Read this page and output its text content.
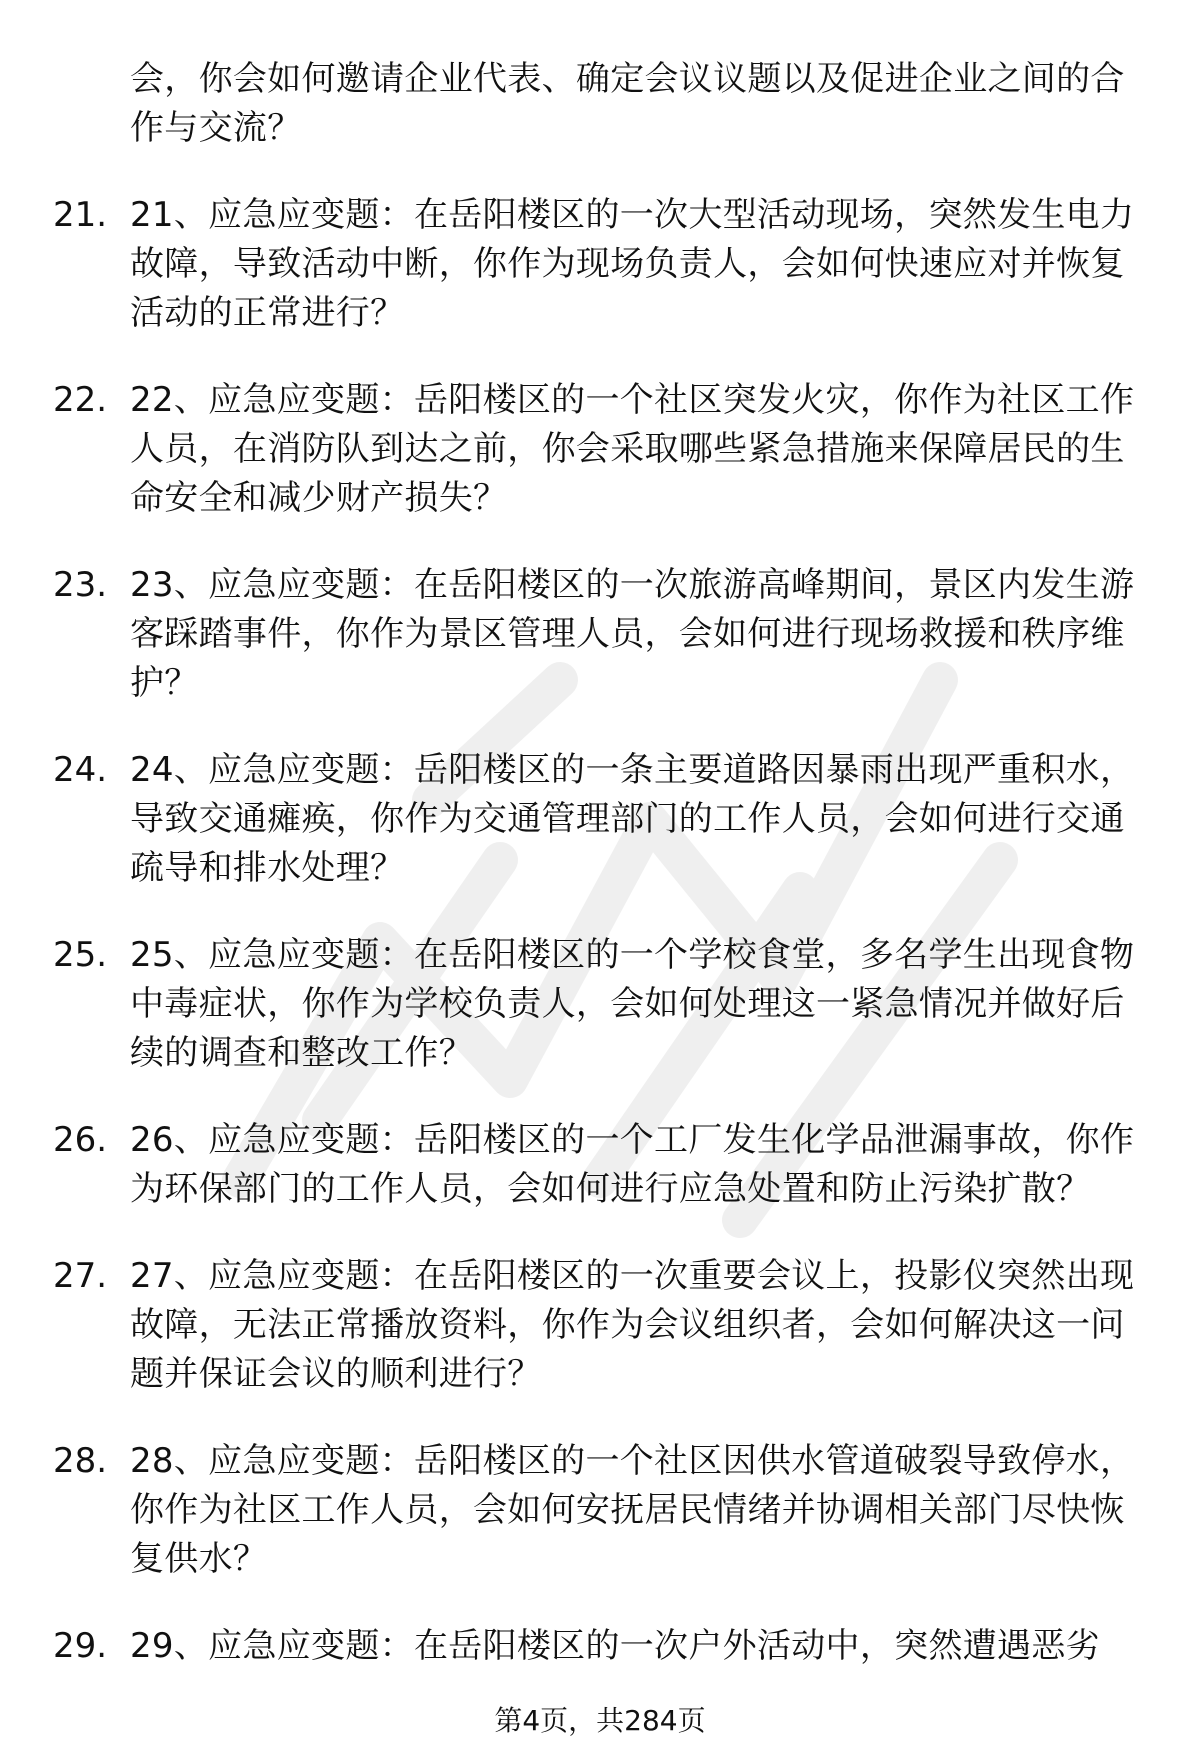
会，你会如何邀请企业代表、确定会议议题以及促进企业之间的合作与交流？
21. 21、应急应变题：在岳阳楼区的一次大型活动现场，突然发生电力故障，导致活动中断，你作为现场负责人，会如何快速应对并恢复活动的正常进行？
22. 22、应急应变题：岳阳楼区的一个社区突发火灾，你作为社区工作人员，在消防队到达之前，你会采取哪些紧急措施来保障居民的生命安全和减少财产损失？
23. 23、应急应变题：在岳阳楼区的一次旅游高峰期间，景区内发生游客踩踏事件，你作为景区管理人员，会如何进行现场救援和秩序维护？
24. 24、应急应变题：岳阳楼区的一条主要道路因暴雨出现严重积水，导致交通瘫痪，你作为交通管理部门的工作人员，会如何进行交通疏导和排水处理？
25. 25、应急应变题：在岳阳楼区的一个学校食堂，多名学生出现食物中毒症状，你作为学校负责人，会如何处理这一紧急情况并做好后续的调查和整改工作？
26. 26、应急应变题：岳阳楼区的一个工厂发生化学品泄漏事故，你作为环保部门的工作人员，会如何进行应急处置和防止污染扩散？
27. 27、应急应变题：在岳阳楼区的一次重要会议上，投影仪突然出现故障，无法正常播放资料，你作为会议组织者，会如何解决这一问题并保证会议的顺利进行？
28. 28、应急应变题：岳阳楼区的一个社区因供水管道破裂导致停水，你作为社区工作人员，会如何安抚居民情绪并协调相关部门尽快恢复供水？
29. 29、应急应变题：在岳阳楼区的一次户外活动中，突然遭遇恶劣
第4页，共284页
